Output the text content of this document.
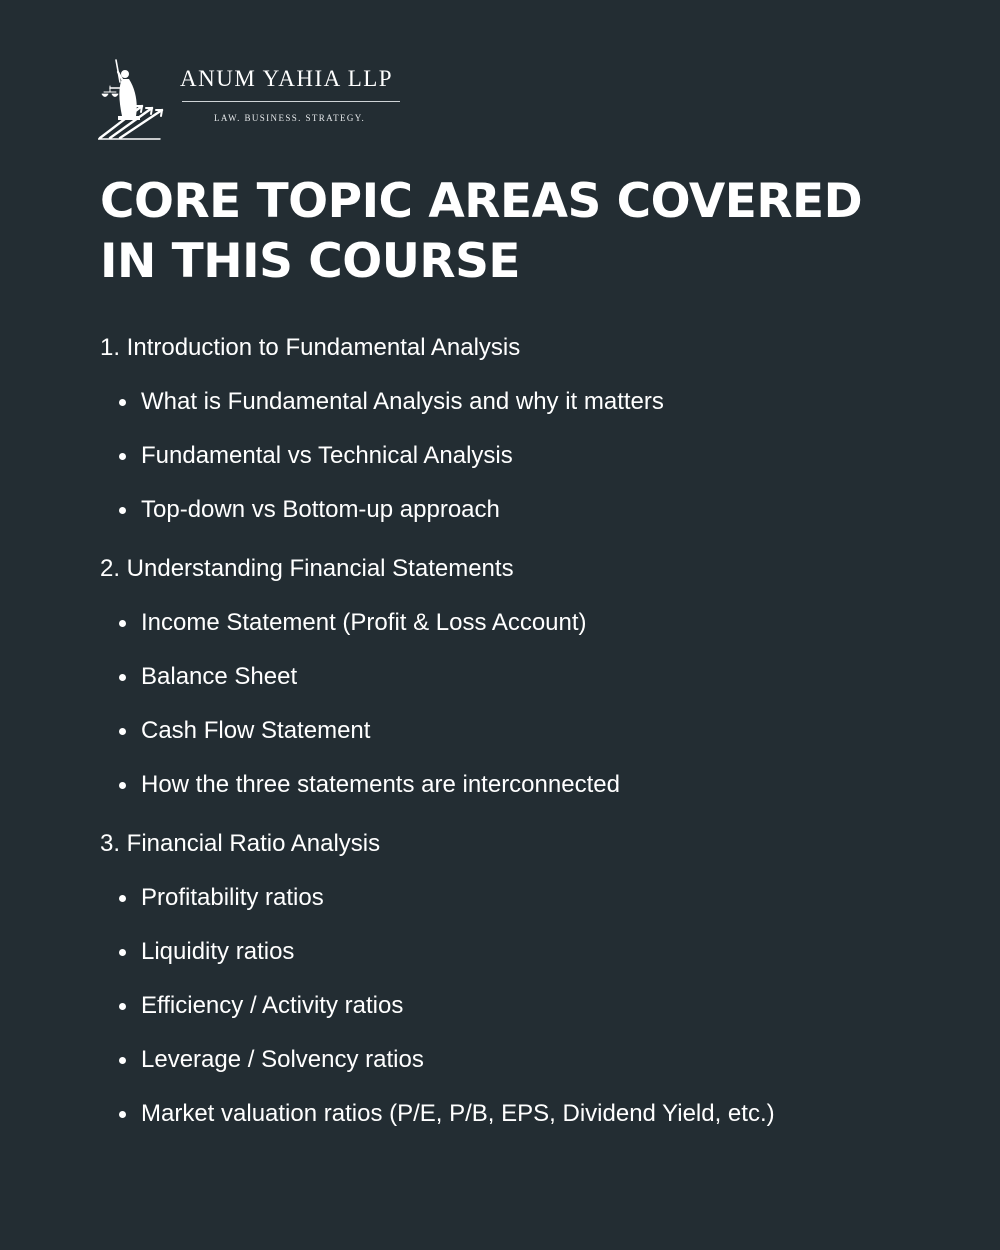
ANUM YAHIA LLP
LAW. BUSINESS. STRATEGY.
CORE TOPIC AREAS COVERED
IN THIS COURSE
1. Introduction to Fundamental Analysis
What is Fundamental Analysis and why it matters
Fundamental vs Technical Analysis
Top-down vs Bottom-up approach
2. Understanding Financial Statements
Income Statement (Profit & Loss Account)
Balance Sheet
Cash Flow Statement
How the three statements are interconnected
3. Financial Ratio Analysis
Profitability ratios
Liquidity ratios
Efficiency / Activity ratios
Leverage / Solvency ratios
Market valuation ratios (P/E, P/B, EPS, Dividend Yield, etc.)
